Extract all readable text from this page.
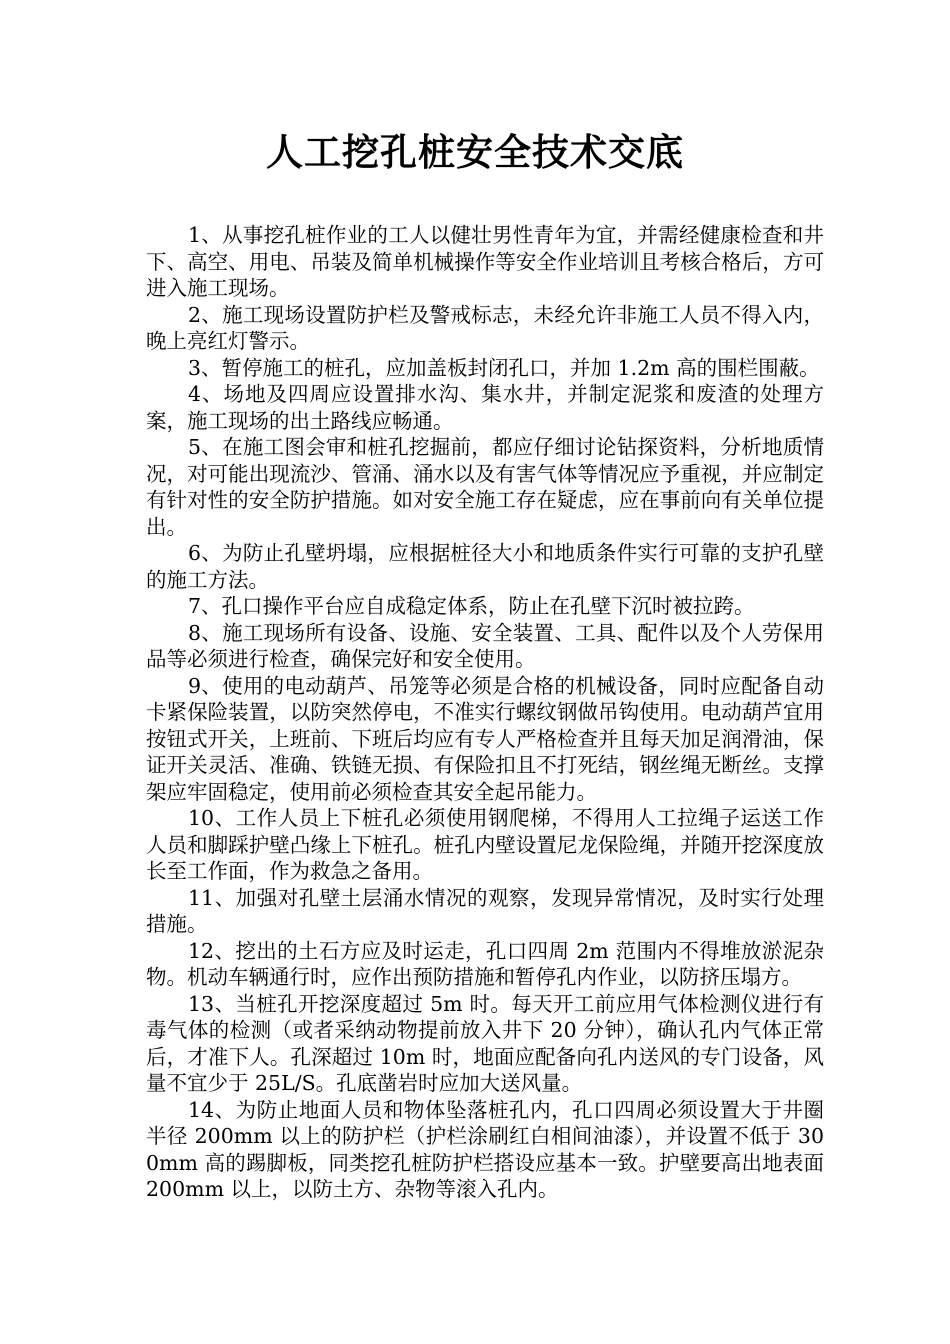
人工挖孔桩安全技术交底

1、从事挖孔桩作业的工人以健壮男性青年为宜，并需经健康检查和井下、高空、用电、吊装及简单机械操作等安全作业培训且考核合格后，方可进入施工现场。

2、施工现场设置防护栏及警戒标志，未经允许非施工人员不得入内，晚上亮红灯警示。

3、暂停施工的桩孔，应加盖板封闭孔口，并加 1.2m 高的围栏围蔽。

4、场地及四周应设置排水沟、集水井，并制定泥浆和废渣的处理方案，施工现场的出土路线应畅通。

5、在施工图会审和桩孔挖掘前，都应仔细讨论钻探资料，分析地质情况，对可能出现流沙、管涌、涌水以及有害气体等情况应予重视，并应制定有针对性的安全防护措施。如对安全施工存在疑虑，应在事前向有关单位提出。

6、为防止孔壁坍塌，应根据桩径大小和地质条件实行可靠的支护孔壁的施工方法。

7、孔口操作平台应自成稳定体系，防止在孔壁下沉时被拉跨。

8、施工现场所有设备、设施、安全装置、工具、配件以及个人劳保用品等必须进行检查，确保完好和安全使用。

9、使用的电动葫芦、吊笼等必须是合格的机械设备，同时应配备自动卡紧保险装置，以防突然停电，不准实行螺纹钢做吊钩使用。电动葫芦宜用按钮式开关，上班前、下班后均应有专人严格检查并且每天加足润滑油，保证开关灵活、准确、铁链无损、有保险扣且不打死结，钢丝绳无断丝。支撑架应牢固稳定，使用前必须检查其安全起吊能力。

10、工作人员上下桩孔必须使用钢爬梯，不得用人工拉绳子运送工作人员和脚踩护壁凸缘上下桩孔。桩孔内壁设置尼龙保险绳，并随开挖深度放长至工作面，作为救急之备用。

11、加强对孔壁土层涌水情况的观察，发现异常情况，及时实行处理措施。

12、挖出的土石方应及时运走，孔口四周 2m 范围内不得堆放淤泥杂物。机动车辆通行时，应作出预防措施和暂停孔内作业，以防挤压塌方。

13、当桩孔开挖深度超过 5m 时。每天开工前应用气体检测仪进行有毒气体的检测（或者采纳动物提前放入井下 20 分钟），确认孔内气体正常后，才准下人。孔深超过 10m 时，地面应配备向孔内送风的专门设备，风量不宜少于 25L/S。孔底凿岩时应加大送风量。

14、为防止地面人员和物体坠落桩孔内，孔口四周必须设置大于井圈半径 200mm 以上的防护栏（护栏涂刷红白相间油漆），并设置不低于 300mm 高的踢脚板，同类挖孔桩防护栏搭设应基本一致。护壁要高出地表面 200mm 以上，以防土方、杂物等滚入孔内。
